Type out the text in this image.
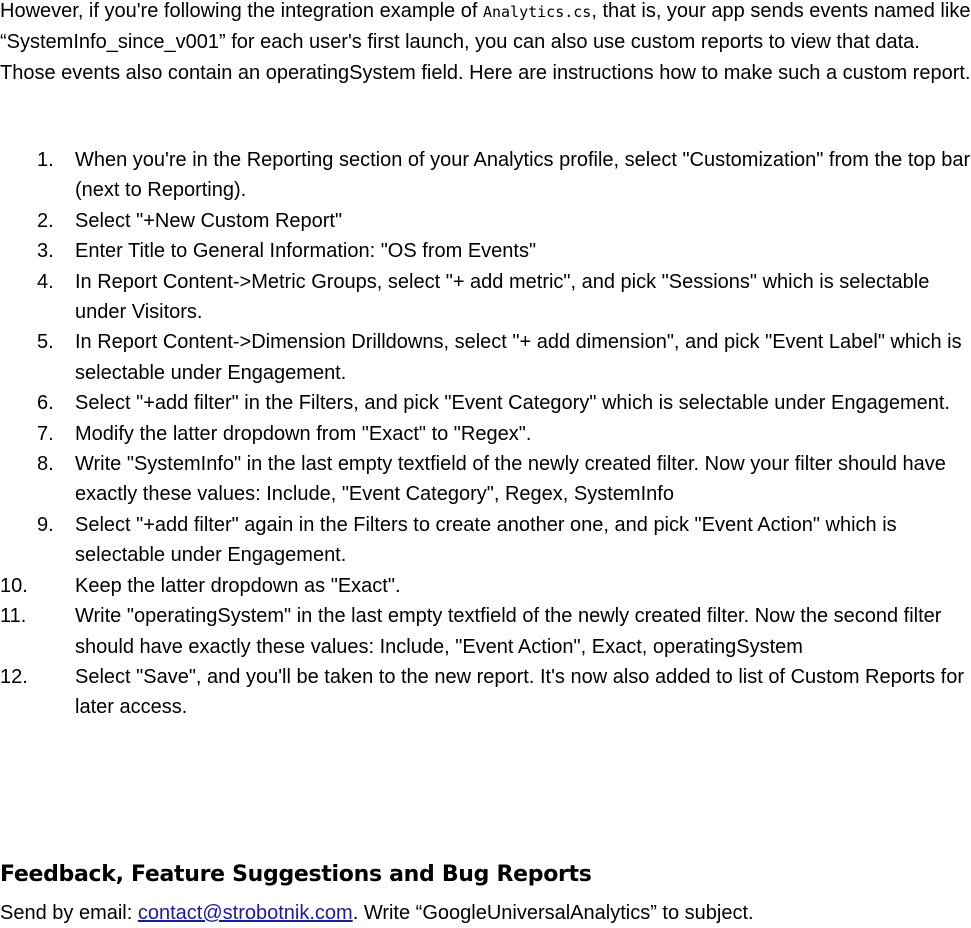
However, if you're following the integration example of Analytics.cs, that is, your app sends events named like “SystemInfo_since_v001” for each user's first launch, you can also use custom reports to view that data. Those events also contain an operatingSystem field. Here are instructions how to make such a custom report.

1. When you're in the Reporting section of your Analytics profile, select "Customization" from the top bar (next to Reporting).
2. Select "+New Custom Report"
3. Enter Title to General Information: "OS from Events"
4. In Report Content->Metric Groups, select "+ add metric", and pick "Sessions" which is selectable under Visitors.
5. In Report Content->Dimension Drilldowns, select "+ add dimension", and pick "Event Label" which is selectable under Engagement.
6. Select "+add filter" in the Filters, and pick "Event Category" which is selectable under Engagement.
7. Modify the latter dropdown from "Exact" to "Regex".
8. Write "SystemInfo" in the last empty textfield of the newly created filter. Now your filter should have exactly these values: Include, "Event Category", Regex, SystemInfo
9. Select "+add filter" again in the Filters to create another one, and pick "Event Action" which is selectable under Engagement.
10. Keep the latter dropdown as "Exact".
11. Write "operatingSystem" in the last empty textfield of the newly created filter. Now the second filter should have exactly these values: Include, "Event Action", Exact, operatingSystem
12. Select "Save", and you'll be taken to the new report. It's now also added to list of Custom Reports for later access.
Feedback, Feature Suggestions and Bug Reports

Send by email: contact@strobotnik.com. Write “GoogleUniversalAnalytics” to subject.
